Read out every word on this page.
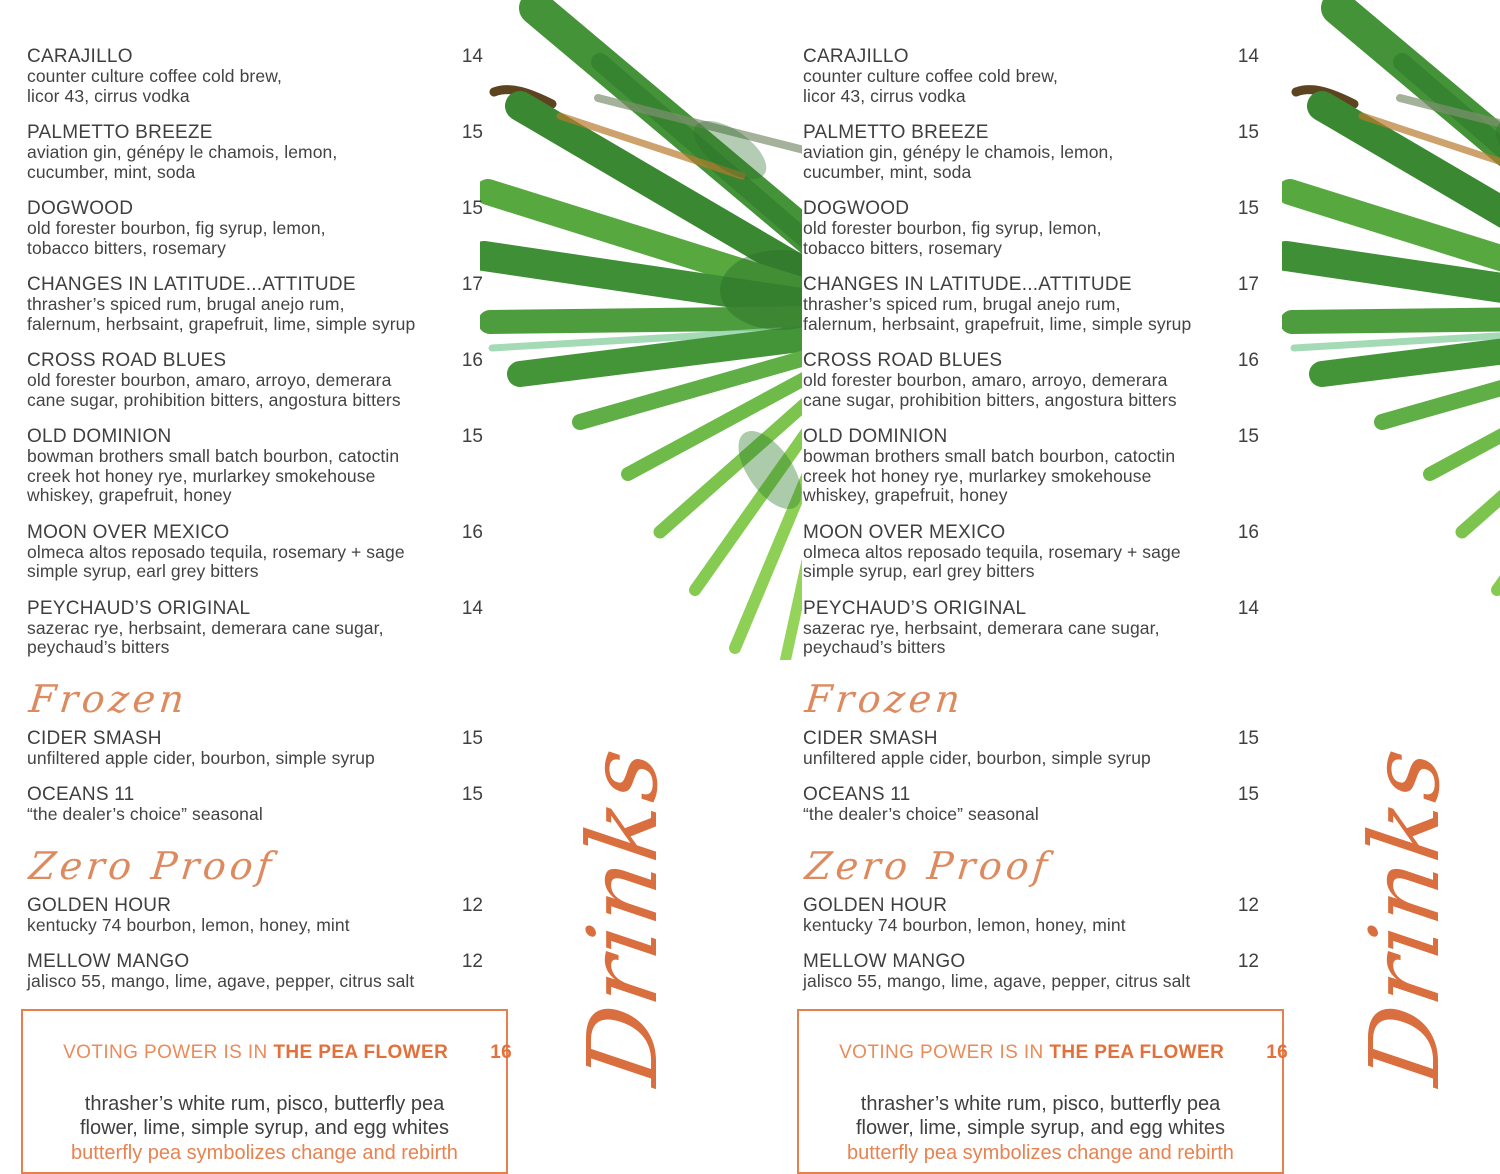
Drinks	Drinks
CARAJILLO	14
counter culture coffee cold brew,
licor 43, cirrus vodka
PALMETTO BREEZE	15
aviation gin, génépy le chamois, lemon,
cucumber, mint, soda
DOGWOOD	15
old forester bourbon, fig syrup, lemon,
tobacco bitters, rosemary
CHANGES IN LATITUDE...ATTITUDE	17
thrasher’s spiced rum, brugal anejo rum,
falernum, herbsaint, grapefruit, lime, simple syrup
CROSS ROAD BLUES	16
old forester bourbon, amaro, arroyo, demerara
cane sugar, prohibition bitters, angostura bitters
OLD DOMINION	15
bowman brothers small batch bourbon, catoctin
creek hot honey rye, murlarkey smokehouse
whiskey, grapefruit, honey
MOON OVER MEXICO	16
olmeca altos reposado tequila, rosemary + sage
simple syrup, earl grey bitters
PEYCHAUD’S ORIGINAL	14
sazerac rye, herbsaint, demerara cane sugar,
peychaud’s bitters
Frozen
CIDER SMASH	15
unfiltered apple cider, bourbon, simple syrup
OCEANS 11	15
“the dealer’s choice” seasonal
Zero Proof
GOLDEN HOUR	12
kentucky 74 bourbon, lemon, honey, mint
MELLOW MANGO	12
jalisco 55, mango, lime, agave, pepper, citrus salt

VOTING POWER IS IN THE PEA FLOWER 16

thrasher’s white rum, pisco, butterfly pea
flower, lime, simple syrup, and egg whites
butterfly pea symbolizes change and rebirth
CARAJILLO	14
counter culture coffee cold brew,
licor 43, cirrus vodka
PALMETTO BREEZE	15
aviation gin, génépy le chamois, lemon,
cucumber, mint, soda
DOGWOOD	15
old forester bourbon, fig syrup, lemon,
tobacco bitters, rosemary
CHANGES IN LATITUDE...ATTITUDE	17
thrasher’s spiced rum, brugal anejo rum,
falernum, herbsaint, grapefruit, lime, simple syrup
CROSS ROAD BLUES	16
old forester bourbon, amaro, arroyo, demerara
cane sugar, prohibition bitters, angostura bitters
OLD DOMINION	15
bowman brothers small batch bourbon, catoctin
creek hot honey rye, murlarkey smokehouse
whiskey, grapefruit, honey
MOON OVER MEXICO	16
olmeca altos reposado tequila, rosemary + sage
simple syrup, earl grey bitters
PEYCHAUD’S ORIGINAL	14
sazerac rye, herbsaint, demerara cane sugar,
peychaud’s bitters
Frozen
CIDER SMASH	15
unfiltered apple cider, bourbon, simple syrup
OCEANS 11	15
“the dealer’s choice” seasonal
Zero Proof
GOLDEN HOUR	12
kentucky 74 bourbon, lemon, honey, mint
MELLOW MANGO	12
jalisco 55, mango, lime, agave, pepper, citrus salt

VOTING POWER IS IN THE PEA FLOWER 16

thrasher’s white rum, pisco, butterfly pea
flower, lime, simple syrup, and egg whites
butterfly pea symbolizes change and rebirth
